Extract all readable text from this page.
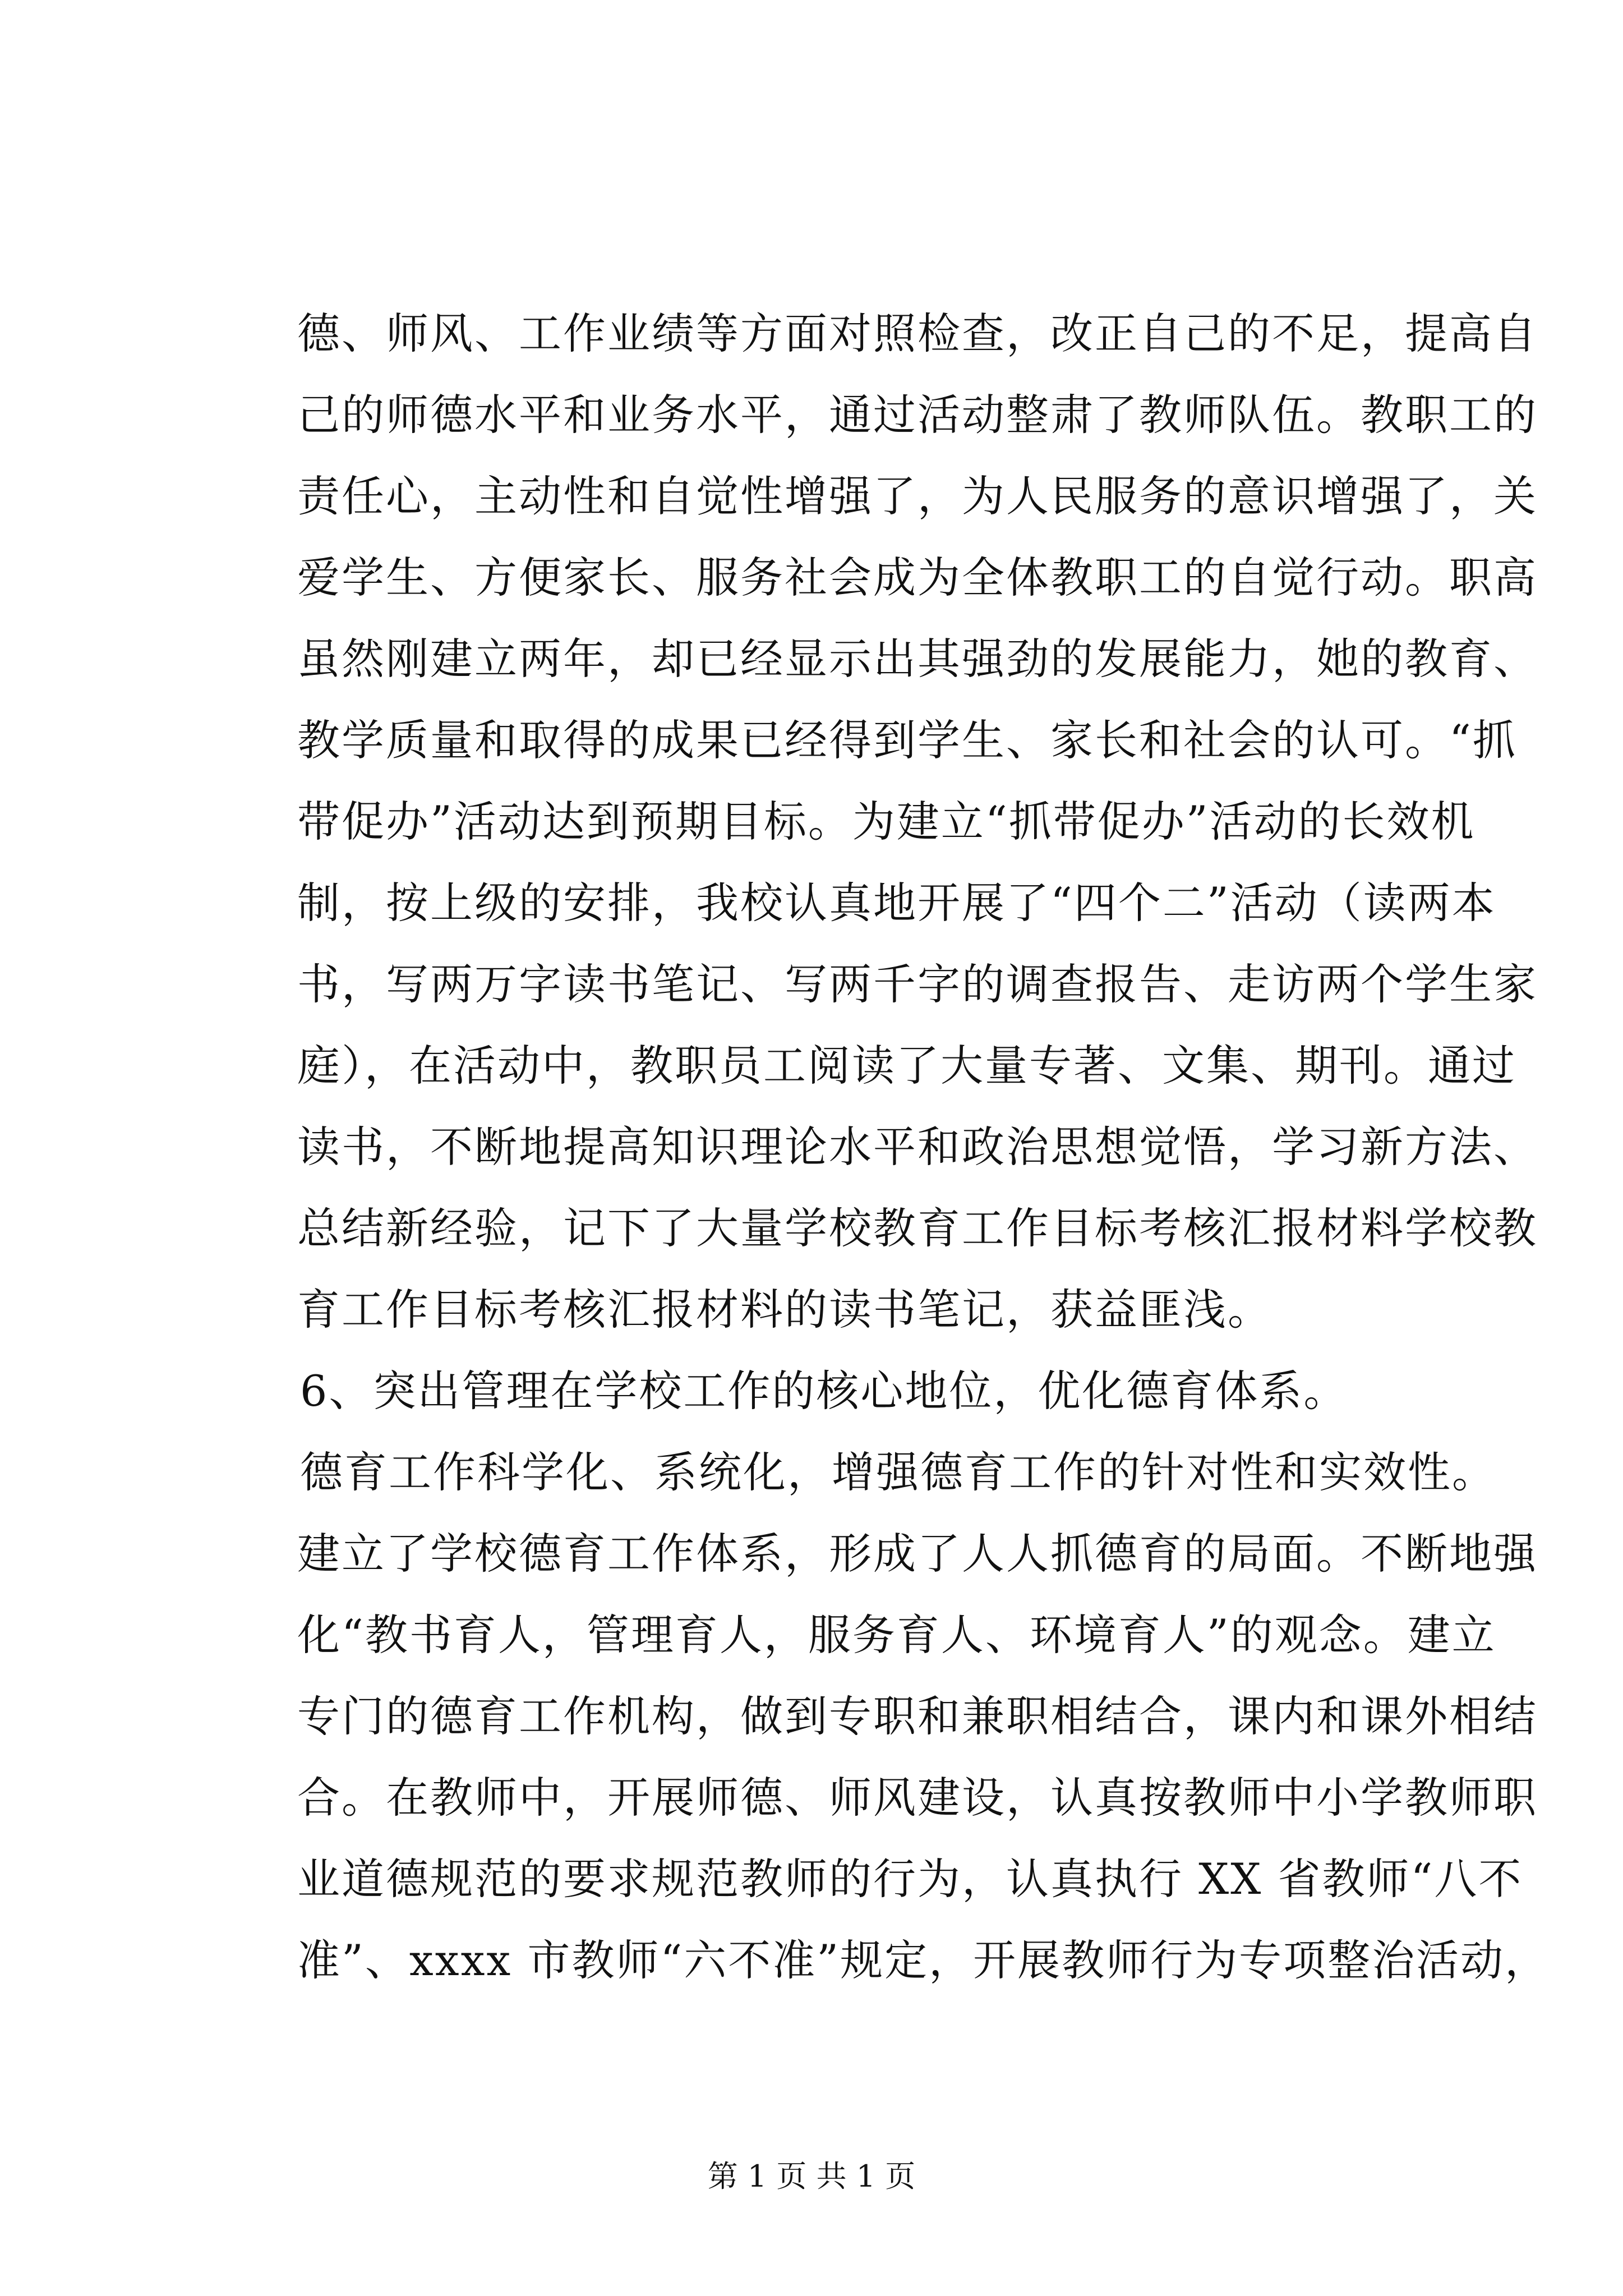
德、师风、工作业绩等方面对照检查，改正自己的不足，提高自
己的师德水平和业务水平，通过活动整肃了教师队伍。教职工的
责任心，主动性和自觉性增强了，为人民服务的意识增强了，关
爱学生、方便家长、服务社会成为全体教职工的自觉行动。职高
虽然刚建立两年，却已经显示出其强劲的发展能力，她的教育、
教学质量和取得的成果已经得到学生、家长和社会的认可。“抓
带促办”活动达到预期目标。为建立“抓带促办”活动的长效机
制，按上级的安排，我校认真地开展了“四个二”活动（读两本
书，写两万字读书笔记、写两千字的调查报告、走访两个学生家
庭），在活动中，教职员工阅读了大量专著、文集、期刊。通过
读书，不断地提高知识理论水平和政治思想觉悟，学习新方法、
总结新经验，记下了大量学校教育工作目标考核汇报材料学校教
育工作目标考核汇报材料的读书笔记，获益匪浅。
6、突出管理在学校工作的核心地位，优化德育体系。
德育工作科学化、系统化，增强德育工作的针对性和实效性。
建立了学校德育工作体系，形成了人人抓德育的局面。不断地强
化“教书育人，管理育人，服务育人、环境育人”的观念。建立
专门的德育工作机构，做到专职和兼职相结合，课内和课外相结
合。在教师中，开展师德、师风建设，认真按教师中小学教师职
业道德规范的要求规范教师的行为，认真执行 XX 省教师“八不
准”、xxxx 市教师“六不准”规定，开展教师行为专项整治活动，
第 1 页 共 1 页
